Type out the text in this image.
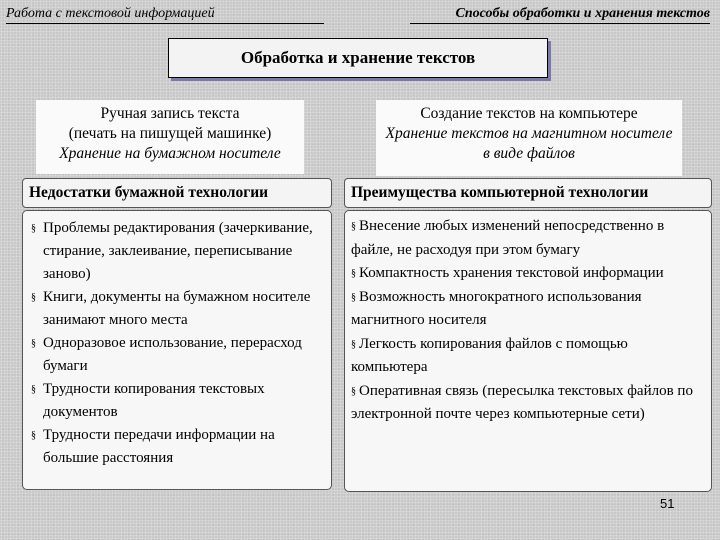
Работа с текстовой информацией	Способы обработки и хранения текстов
Обработка и хранение текстов
Ручная запись текста
(печать на пишущей машинке)
Хранение на бумажном носителе
Создание текстов на компьютере
Хранение текстов на магнитном носителе
в виде файлов
Недостатки бумажной технологии	Преимущества компьютерной технологии
§ Проблемы редактирования (зачеркивание, стирание, заклеивание, переписывание заново)
§ Книги, документы на бумажном носителе занимают много места
§ Одноразовое использование, перерасход бумаги
§ Трудности копирования текстовых документов
§ Трудности передачи информации на большие расстояния
§ Внесение любых изменений непосредственно в файле, не расходуя при этом бумагу
§ Компактность хранения текстовой информации
§ Возможность многократного использования магнитного носителя
§ Легкость копирования файлов с помощью компьютера
§ Оперативная связь (пересылка текстовых файлов по электронной почте через компьютерные сети)
51
